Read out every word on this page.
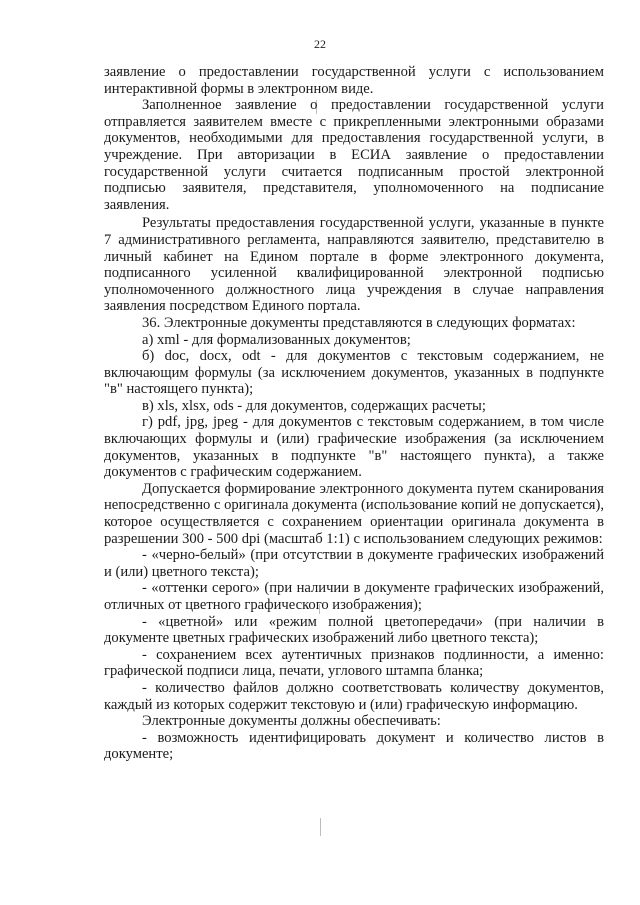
22

заявление о предоставлении государственной услуги с использованием интерактивной формы в электронном виде.

Заполненное заявление о предоставлении государственной услуги отправляется заявителем вместе с прикрепленными электронными образами документов, необходимыми для предоставления государственной услуги, в учреждение. При авторизации в ЕСИА заявление о предоставлении государственной услуги считается подписанным простой электронной подписью заявителя, представителя, уполномоченного на подписание заявления.

Результаты предоставления государственной услуги, указанные в пункте 7 административного регламента, направляются заявителю, представителю в личный кабинет на Едином портале в форме электронного документа, подписанного усиленной квалифицированной электронной подписью уполномоченного должностного лица учреждения в случае направления заявления посредством Единого портала.

36. Электронные документы представляются в следующих форматах:

а) xml - для формализованных документов;

б) doc, docx, odt - для документов с текстовым содержанием, не включающим формулы (за исключением документов, указанных в подпункте "в" настоящего пункта);

в) xls, xlsx, ods - для документов, содержащих расчеты;

г) pdf, jpg, jpeg - для документов с текстовым содержанием, в том числе включающих формулы и (или) графические изображения (за исключением документов, указанных в подпункте "в" настоящего пункта), а также документов с графическим содержанием.

Допускается формирование электронного документа путем сканирования непосредственно с оригинала документа (использование копий не допускается), которое осуществляется с сохранением ориентации оригинала документа в разрешении 300 - 500 dpi (масштаб 1:1) с использованием следующих режимов:

- «черно-белый» (при отсутствии в документе графических изображений и (или) цветного текста);

- «оттенки серого» (при наличии в документе графических изображений, отличных от цветного графического изображения);

- «цветной» или «режим полной цветопередачи» (при наличии в документе цветных графических изображений либо цветного текста);

- сохранением всех аутентичных признаков подлинности, а именно: графической подписи лица, печати, углового штампа бланка;

- количество файлов должно соответствовать количеству документов, каждый из которых содержит текстовую и (или) графическую информацию.

Электронные документы должны обеспечивать:

- возможность идентифицировать документ и количество листов в документе;
